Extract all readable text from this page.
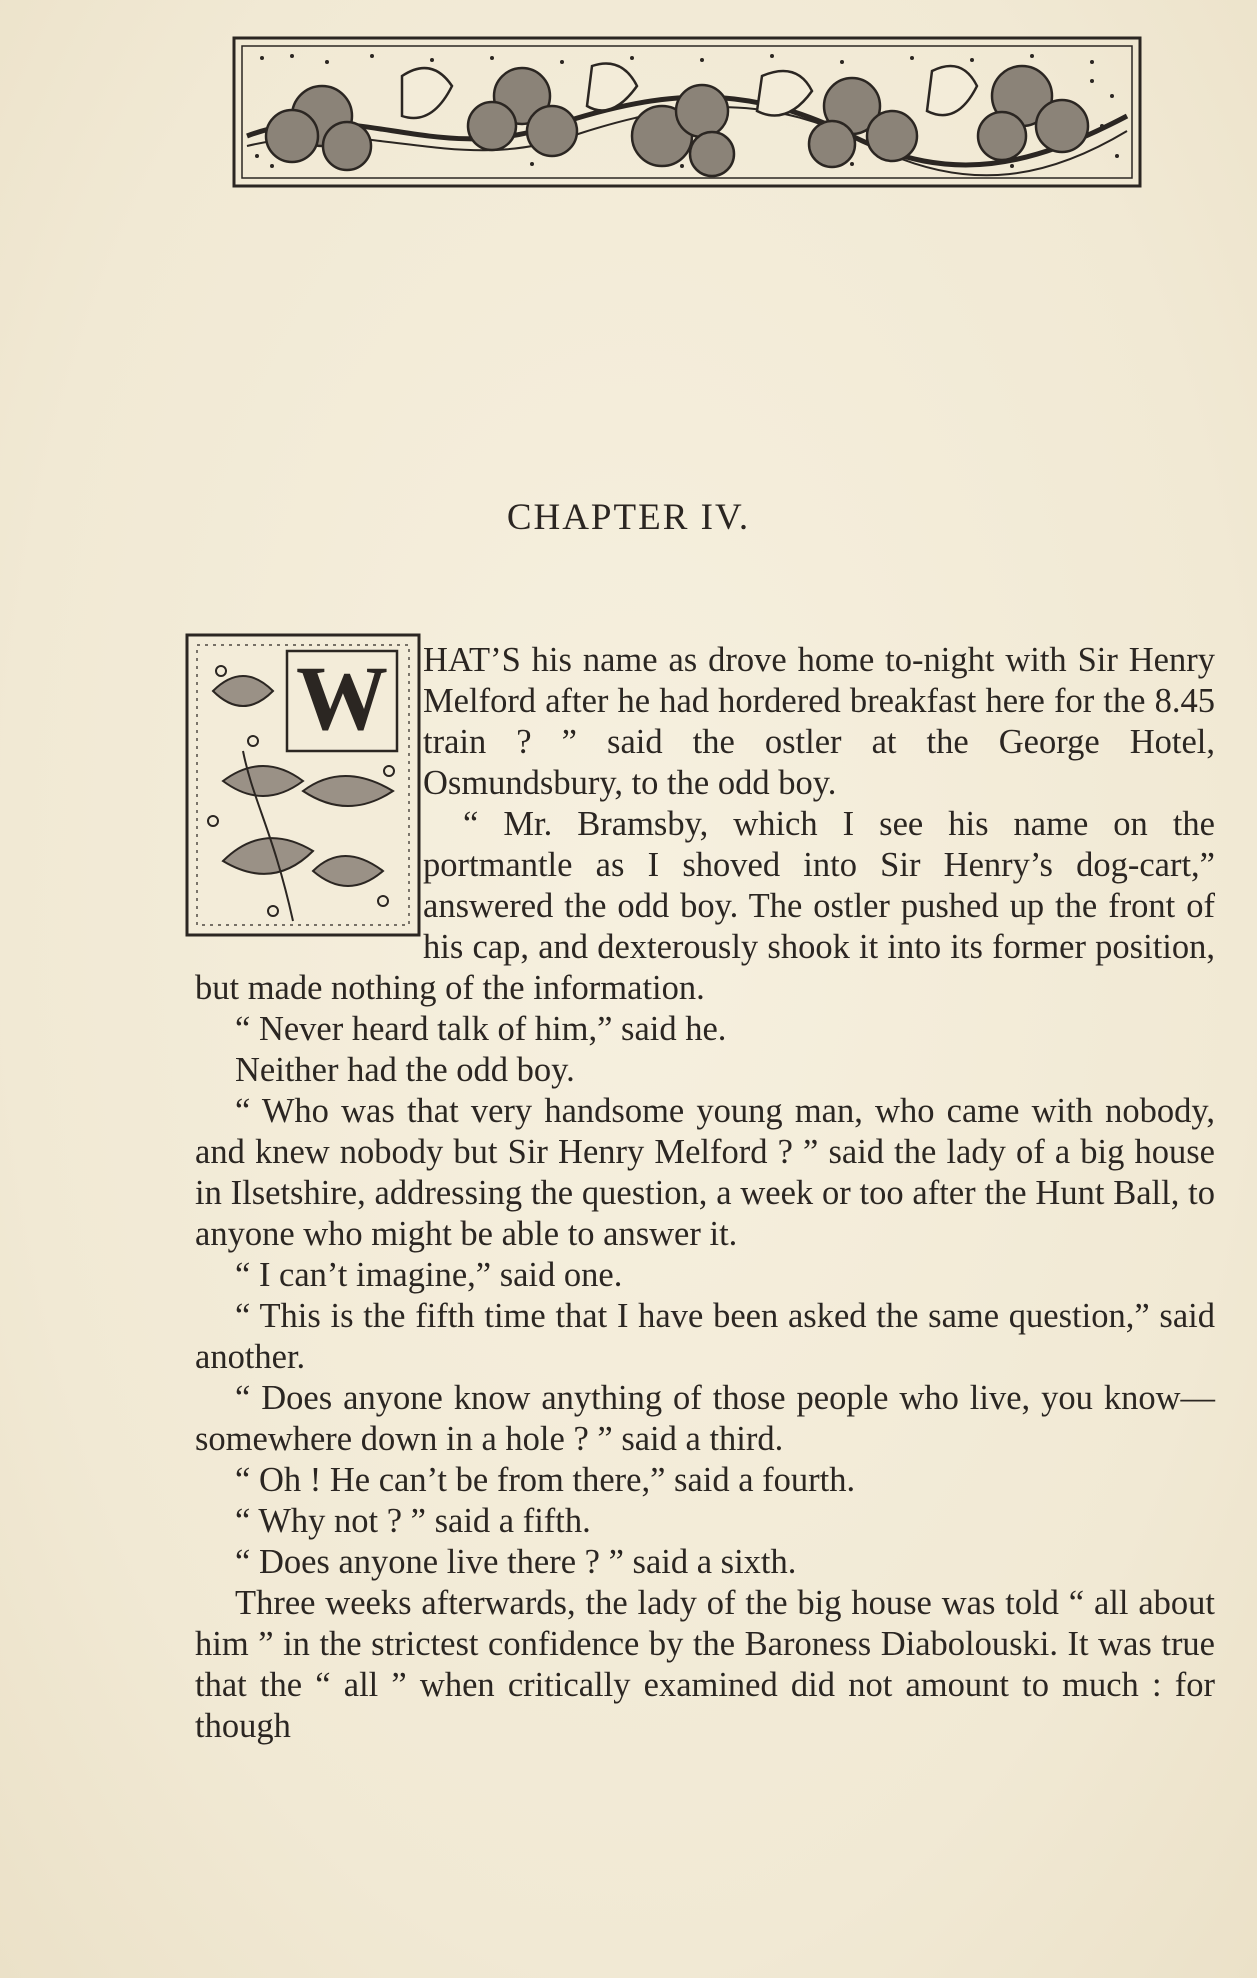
CHAPTER IV.
W	HAT’S his name as drove home to-night with Sir Henry Melford after he had hordered breakfast here for the 8.45 train ? ” said the ostler at the George Hotel, Osmundsbury, to the odd boy.

“ Mr. Bramsby, which I see his name on the portmantle as I shoved into Sir Henry’s dog-cart,” answered the odd boy. The ostler pushed up the front of his cap, and dexterously shook it into its former position, but made nothing of the information.

“ Never heard talk of him,” said he.

Neither had the odd boy.

“ Who was that very handsome young man, who came with nobody, and knew nobody but Sir Henry Melford ? ” said the lady of a big house in Ilsetshire, addressing the question, a week or too after the Hunt Ball, to anyone who might be able to answer it.

“ I can’t imagine,” said one.

“ This is the fifth time that I have been asked the same question,” said another.

“ Does anyone know anything of those people who live, you know—somewhere down in a hole ? ” said a third.

“ Oh ! He can’t be from there,” said a fourth.

“ Why not ? ” said a fifth.

“ Does anyone live there ? ” said a sixth.

Three weeks afterwards, the lady of the big house was told “ all about him ” in the strictest confidence by the Baroness Diabolouski. It was true that the “ all ” when critically examined did not amount to much : for though
